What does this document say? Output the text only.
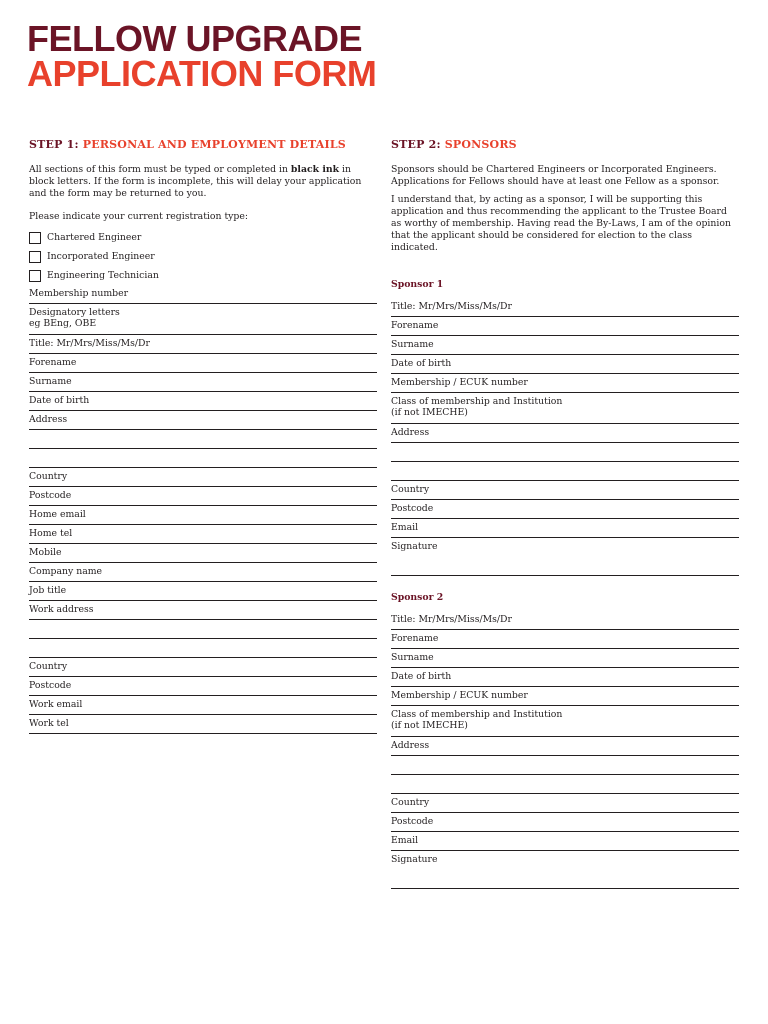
FELLOW UPGRADE
APPLICATION FORM
STEP 1: PERSONAL AND EMPLOYMENT DETAILS

All sections of this form must be typed or completed in black ink in block letters. If the form is incomplete, this will delay your application and the form may be returned to you.

Please indicate your current registration type:

Chartered Engineer
Incorporated Engineer
Engineering Technician
Membership number
Designatory letters
eg BEng, OBE
Title: Mr/Mrs/Miss/Ms/Dr
Forename
Surname
Date of birth
Address
Country
Postcode
Home email
Home tel
Mobile
Company name
Job title
Work address
Country
Postcode
Work email
Work tel
STEP 2: SPONSORS

Sponsors should be Chartered Engineers or Incorporated Engineers. Applications for Fellows should have at least one Fellow as a sponsor.

I understand that, by acting as a sponsor, I will be supporting this application and thus recommending the applicant to the Trustee Board as worthy of membership. Having read the By-Laws, I am of the opinion that the applicant should be considered for election to the class indicated.

Sponsor 1
Title: Mr/Mrs/Miss/Ms/Dr
Forename
Surname
Date of birth
Membership / ECUK number
Class of membership and Institution
(if not IMECHE)
Address
Country
Postcode
Email
Signature
Sponsor 2
Title: Mr/Mrs/Miss/Ms/Dr
Forename
Surname
Date of birth
Membership / ECUK number
Class of membership and Institution
(if not IMECHE)
Address
Country
Postcode
Email
Signature
